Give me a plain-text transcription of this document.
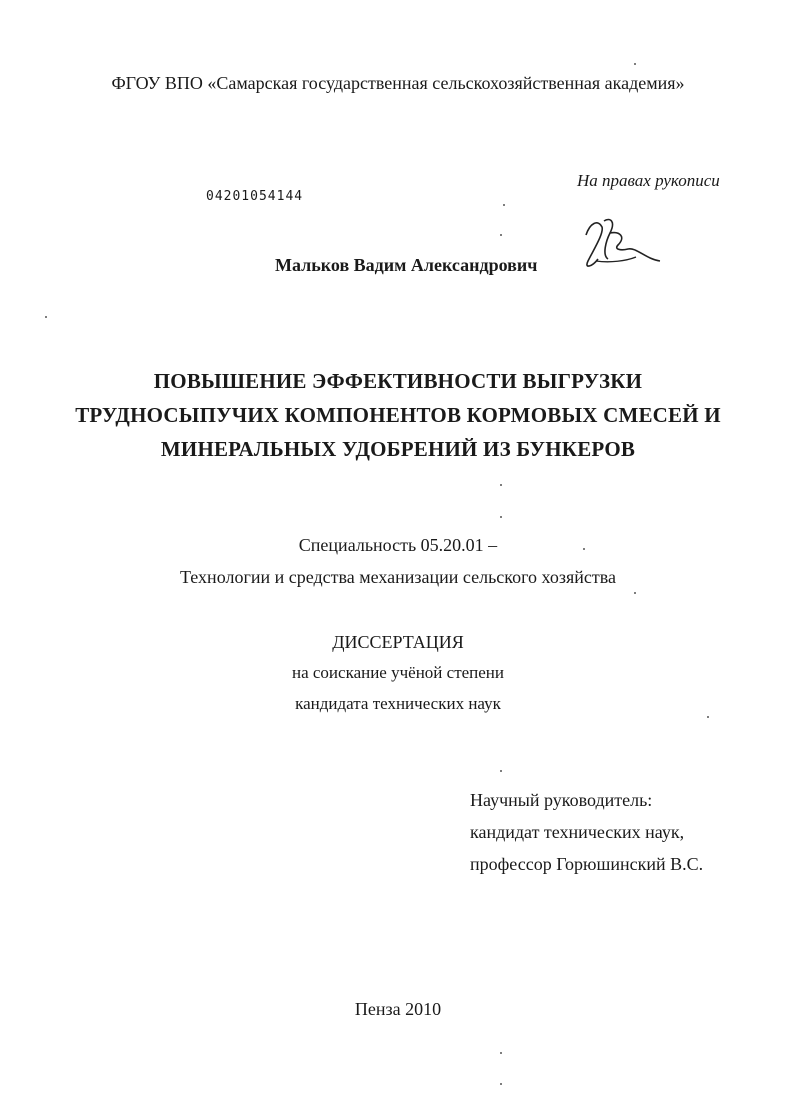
ФГОУ ВПО «Самарская государственная сельскохозяйственная академия»
04201054144
На правах рукописи
Мальков Вадим Александрович
ПОВЫШЕНИЕ ЭФФЕКТИВНОСТИ ВЫГРУЗКИ
ТРУДНОСЫПУЧИХ КОМПОНЕНТОВ КОРМОВЫХ СМЕСЕЙ И
МИНЕРАЛЬНЫХ УДОБРЕНИЙ ИЗ БУНКЕРОВ
Специальность 05.20.01 –
Технологии и средства механизации сельского хозяйства
ДИССЕРТАЦИЯ
на соискание учёной степени
кандидата технических наук
Научный руководитель:
кандидат технических наук,
профессор Горюшинский В.С.
Пенза 2010
